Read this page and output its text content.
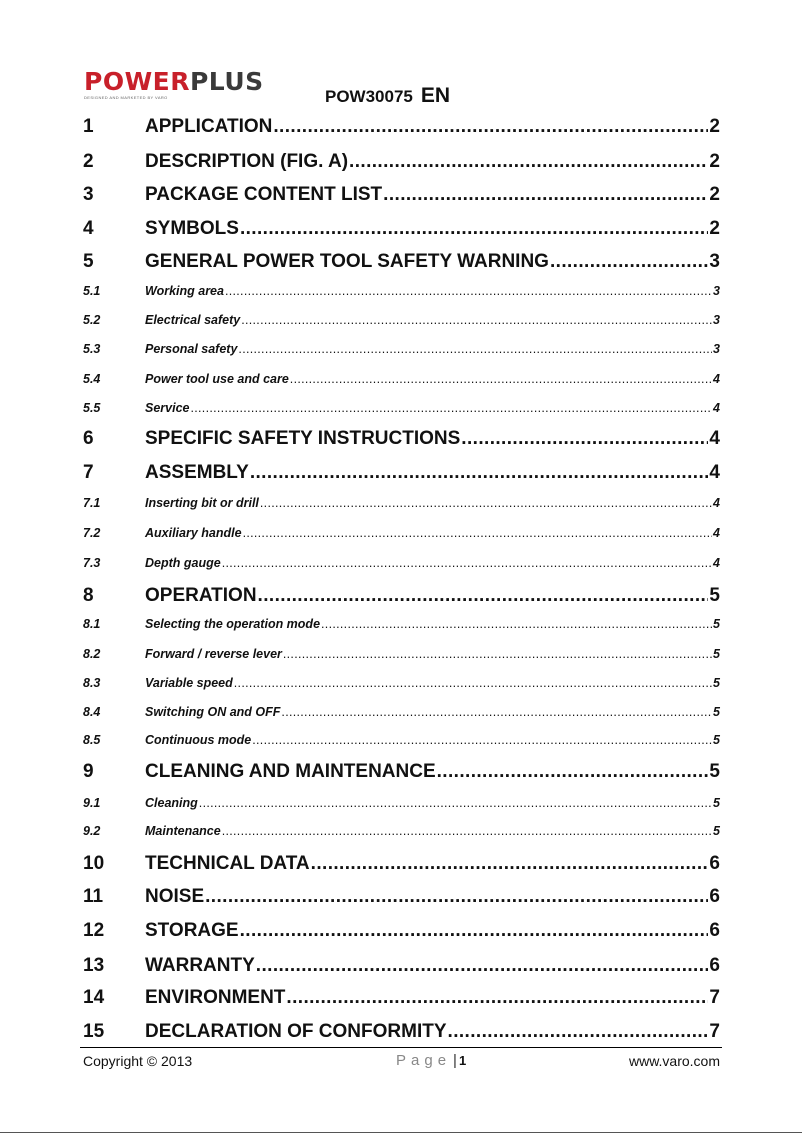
POWERPLUS
DESIGNED AND MARKETED BY VARO	POW30075 EN
1	APPLICATION .....	2
2	DESCRIPTION (FIG. A) .....	2
3	PACKAGE CONTENT LIST .....	2
4	SYMBOLS .....	2
5	GENERAL POWER TOOL SAFETY WARNING .....	3
5.1	Working area .....	3
5.2	Electrical safety .....	3
5.3	Personal safety .....	3
5.4	Power tool use and care .....	4
5.5	Service .....	4
6	SPECIFIC SAFETY INSTRUCTIONS .....	4
7	ASSEMBLY .....	4
7.1	Inserting bit or drill .....	4
7.2	Auxiliary handle .....	4
7.3	Depth gauge .....	4
8	OPERATION .....	5
8.1	Selecting the operation mode .....	5
8.2	Forward / reverse lever .....	5
8.3	Variable speed .....	5
8.4	Switching ON and OFF .....	5
8.5	Continuous mode .....	5
9	CLEANING AND MAINTENANCE .....	5
9.1	Cleaning .....	5
9.2	Maintenance .....	5
10	TECHNICAL DATA .....	6
11	NOISE .....	6
12	STORAGE .....	6
13	WARRANTY .....	6
14	ENVIRONMENT .....	7
15	DECLARATION OF CONFORMITY .....	7
Copyright © 2013	Page | 1	www.varo.com
